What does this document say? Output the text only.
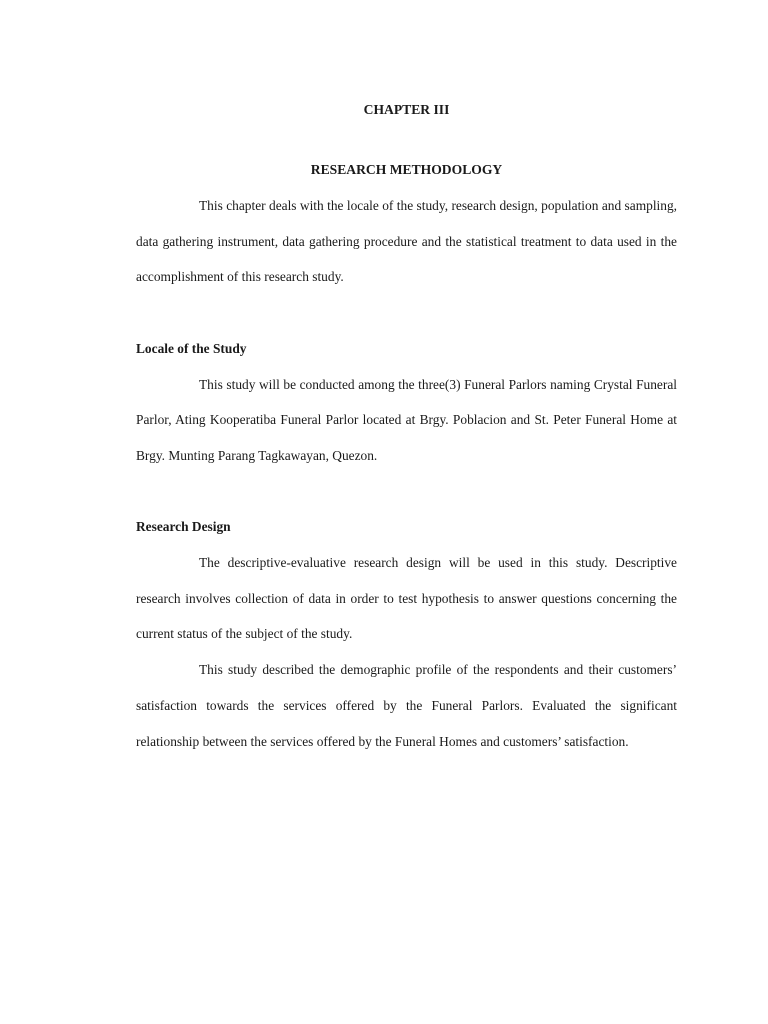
CHAPTER III

RESEARCH METHODOLOGY

This chapter deals with the locale of the study, research design, population and sampling, data gathering instrument, data gathering procedure and the statistical treatment to data used in the accomplishment of this research study.

Locale of the Study

This study will be conducted among the three(3) Funeral Parlors naming Crystal Funeral Parlor, Ating Kooperatiba Funeral Parlor located at Brgy. Poblacion and St. Peter Funeral Home at Brgy. Munting Parang Tagkawayan, Quezon.

Research Design

The descriptive-evaluative research design will be used in this study. Descriptive research involves collection of data in order to test hypothesis to answer questions concerning the current status of the subject of the study.

This study described the demographic profile of the respondents and their customers’ satisfaction towards the services offered by the Funeral Parlors. Evaluated the significant relationship between the services offered by the Funeral Homes and customers’ satisfaction.
